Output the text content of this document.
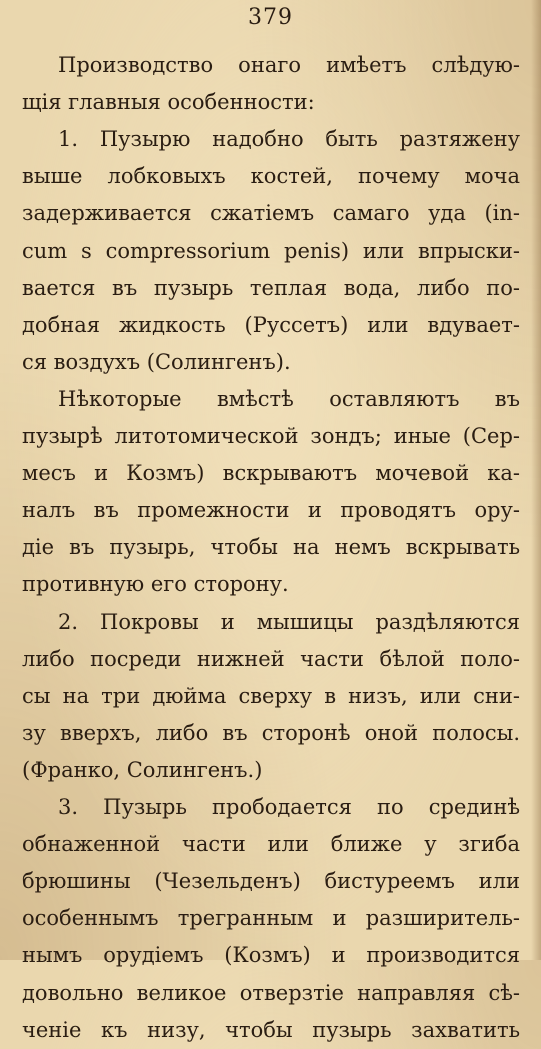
379
Производство онаго имѣетъ слѣдую-
щія главныя особенности:
1. Пузырю надобно быть разтяжену
выше лобковыхъ костей, почему моча
задерживается сжатіемъ самаго уда (in-
cum s compressorium penis) или впрыски-
вается въ пузырь теплая вода, либо по-
добная жидкость (Руссетъ) или вдувает-
ся воздухъ (Солингенъ).
Нѣкоторые вмѣстѣ оставляютъ въ
пузырѣ литотомической зондъ; иные (Сер-
месъ и Козмъ) вскрываютъ мочевой ка-
налъ въ промежности и проводятъ ору-
діе въ пузырь, чтобы на немъ вскрывать
противную его сторону.
2. Покровы и мышицы раздѣляются
либо посреди нижней части бѣлой поло-
сы на три дюйма сверху в низъ, или сни-
зу вверхъ, либо въ сторонѣ оной полосы.
(Франко, Солингенъ.)
3. Пузырь прободается по срединѣ
обнаженной части или ближе у згиба
брюшины (Чезельденъ) бистуреемъ или
особеннымъ трегранным и разширитель-
нымъ орудіемъ (Козмъ) и производится
довольно великое отверзтіе направляя сѣ-
ченіе къ низу, чтобы пузырь захватить
